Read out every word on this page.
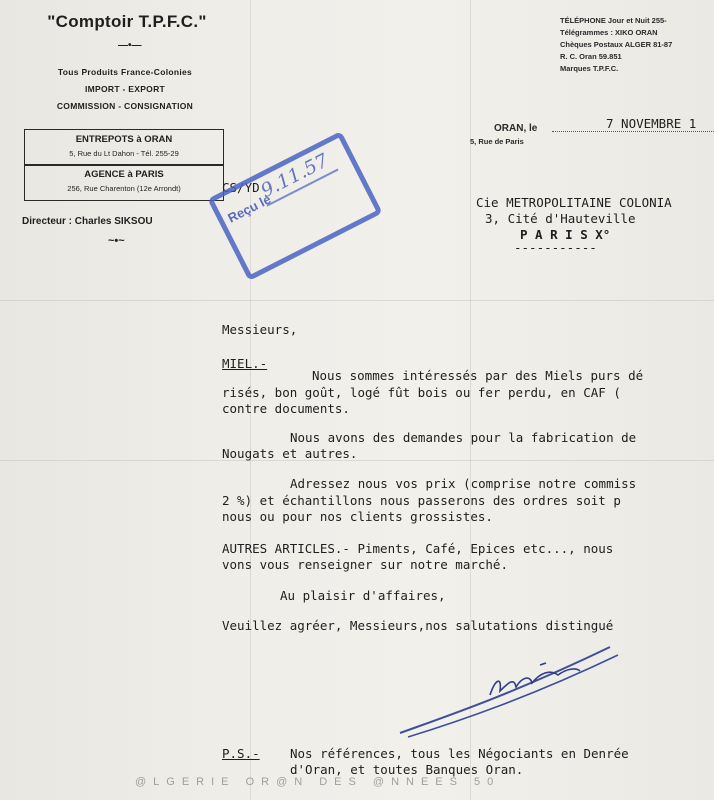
"Comptoir T.P.F.C."
—•—
Tous Produits France-Colonies
IMPORT - EXPORT
COMMISSION - CONSIGNATION
ENTREPOTS à ORAN
5, Rue du Lt Dahon - Tél. 255-29
AGENCE à PARIS
256, Rue Charenton (12e Arrondt)
Directeur : Charles SIKSOU
~•~
TÉLÉPHONE Jour et Nuit 255-
Télégrammes : XIKO ORAN
Chèques Postaux ALGER 81-87
R. C. Oran 59.851
Marques T.P.F.C.
ORAN, le
5, Rue de Paris
7 NOVEMBRE 1
CS/YD
Reçu le
9.11.57
Cie METROPOLITAINE COLONIA
3, Cité d'Hauteville
P A R I S X°
-----------
Messieurs,
MIEL.-
Nous sommes intéressés par des Miels purs dé
risés, bon goût, logé fût bois ou fer perdu, en CAF (
contre documents.
Nous avons des demandes pour la fabrication de
Nougats et autres.
Adressez nous vos prix (comprise notre commiss
2 %) et échantillons nous passerons des ordres soit p
nous ou pour nos clients grossistes.
AUTRES ARTICLES.- Piments, Café, Epices etc..., nous
vons vous renseigner sur notre marché.
Au plaisir d'affaires,
Veuillez agréer, Messieurs,nos salutations distingué
P.S.- Nos références, tous les Négociants en Denrée
d'Oran, et toutes Banques Oran.
@LGERIE OR@N DES @NNEES 50
